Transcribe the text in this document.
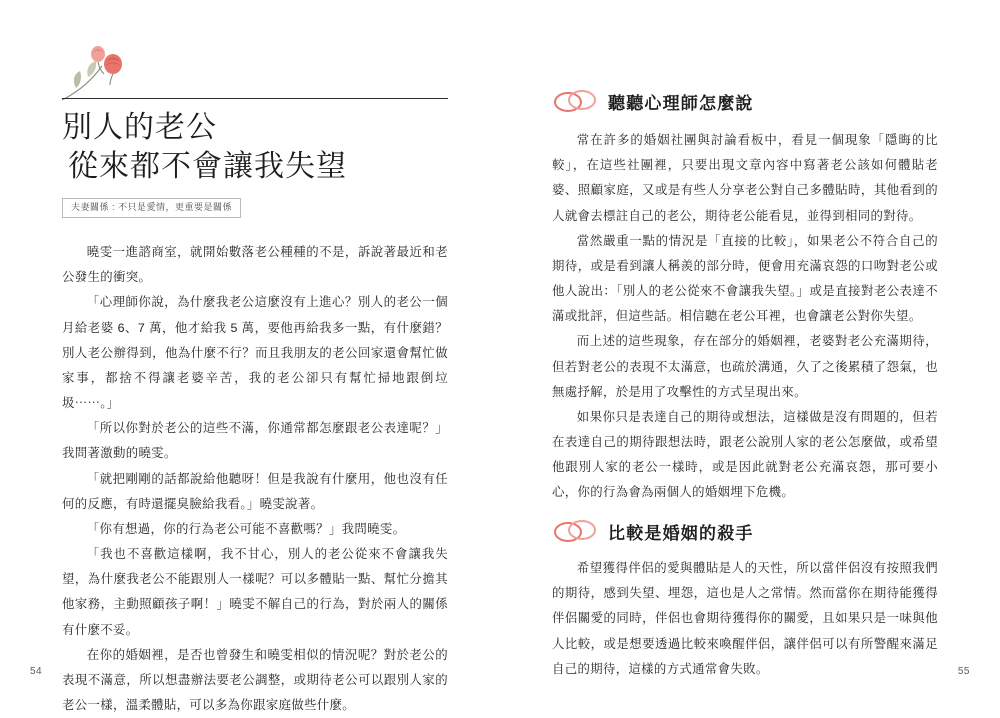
別人的老公
從來都不會讓我失望
夫妻關係 : 不只是愛情，更重要是關係

曉雯一進諮商室，就開始數落老公種種的不是，訴說著最近和老公發生的衝突。

「心理師你說，為什麼我老公這麼沒有上進心？別人的老公一個月給老婆 6、7 萬，他才給我 5 萬，要他再給我多一點，有什麼錯？別人老公辦得到，他為什麼不行？而且我朋友的老公回家還會幫忙做家事，都捨不得讓老婆辛苦，我的老公卻只有幫忙掃地跟倒垃圾⋯⋯。」

「所以你對於老公的這些不滿，你通常都怎麼跟老公表達呢？」我問著激動的曉雯。

「就把剛剛的話都說給他聽呀！但是我說有什麼用，他也沒有任何的反應，有時還擺臭臉給我看。」曉雯說著。

「你有想過，你的行為老公可能不喜歡嗎？」我問曉雯。

「我也不喜歡這樣啊，我不甘心，別人的老公從來不會讓我失望，為什麼我老公不能跟別人一樣呢？可以多體貼一點、幫忙分擔其他家務，主動照顧孩子啊！」曉雯不解自己的行為，對於兩人的關係有什麼不妥。

在你的婚姻裡，是否也曾發生和曉雯相似的情況呢？對於老公的表現不滿意，所以想盡辦法要老公調整，或期待老公可以跟別人家的老公一樣，溫柔體貼，可以多為你跟家庭做些什麼。

54
聽聽心理師怎麼說

常在許多的婚姻社團與討論看板中，看見一個現象「隱晦的比較」，在這些社團裡，只要出現文章內容中寫著老公該如何體貼老婆、照顧家庭，又或是有些人分享老公對自己多體貼時，其他看到的人就會去標註自己的老公，期待老公能看見，並得到相同的對待。

當然嚴重一點的情況是「直接的比較」，如果老公不符合自己的期待，或是看到讓人稱羨的部分時，便會用充滿哀怨的口吻對老公或他人說出：「別人的老公從來不會讓我失望。」或是直接對老公表達不滿或批評，但這些話。相信聽在老公耳裡，也會讓老公對你失望。

而上述的這些現象，存在部分的婚姻裡，老婆對老公充滿期待，但若對老公的表現不太滿意，也疏於溝通，久了之後累積了怨氣，也無處抒解，於是用了攻擊性的方式呈現出來。

如果你只是表達自己的期待或想法，這樣做是沒有問題的，但若在表達自己的期待跟想法時，跟老公說別人家的老公怎麼做，或希望他跟別人家的老公一樣時，或是因此就對老公充滿哀怨，那可要小心，你的行為會為兩個人的婚姻埋下危機。

比較是婚姻的殺手

希望獲得伴侶的愛與體貼是人的天性，所以當伴侶沒有按照我們的期待，感到失望、埋怨，這也是人之常情。然而當你在期待能獲得伴侶關愛的同時，伴侶也會期待獲得你的關愛，且如果只是一味與他人比較，或是想要透過比較來喚醒伴侶，讓伴侶可以有所警醒來滿足自己的期待，這樣的方式通常會失敗。	55
